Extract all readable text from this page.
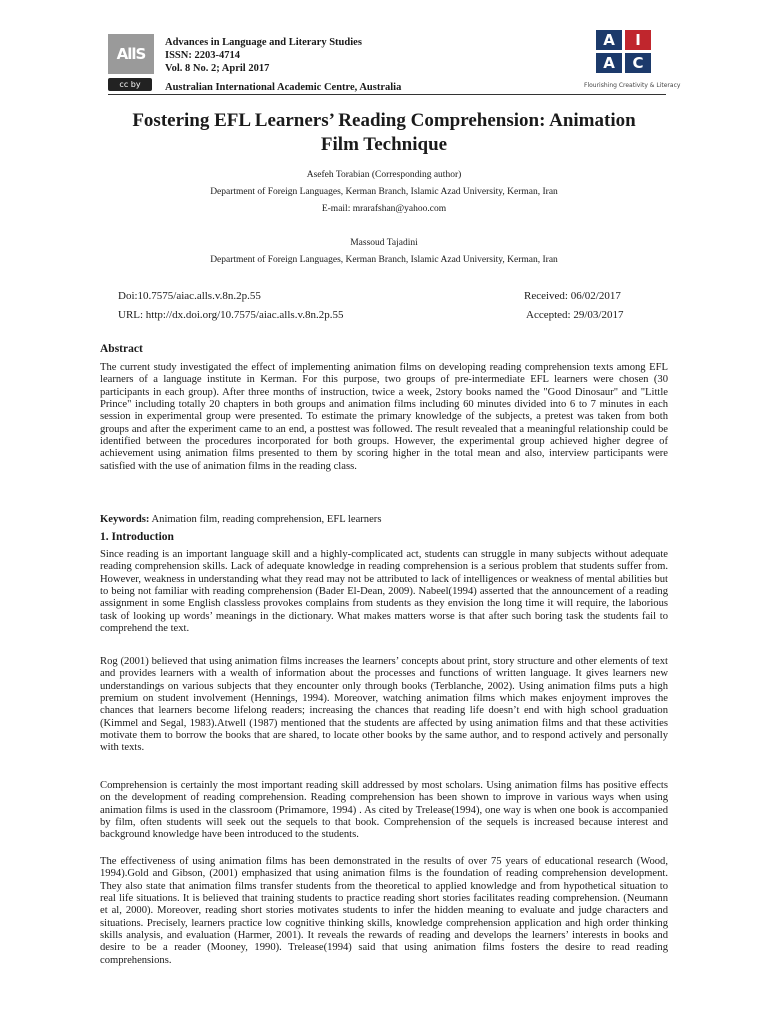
AllS
cc by
Advances in Language and Literary Studies
ISSN: 2203-4714
Vol. 8 No. 2; April 2017
Australian International Academic Centre, Australia
A	I
A	C
Flourishing Creativity & Literacy
Fostering EFL Learners’ Reading Comprehension: Animation
Film Technique
Asefeh Torabian (Corresponding author)
Department of Foreign Languages, Kerman Branch, Islamic Azad University, Kerman, Iran
E-mail: mrarafshan@yahoo.com
Massoud Tajadini
Department of Foreign Languages, Kerman Branch, Islamic Azad University, Kerman, Iran
Doi:10.7575/aiac.alls.v.8n.2p.55
URL: http://dx.doi.org/10.7575/aiac.alls.v.8n.2p.55
Received: 06/02/2017
Accepted: 29/03/2017
Abstract

The current study investigated the effect of implementing animation films on developing reading comprehension texts among EFL learners of a language institute in Kerman. For this purpose, two groups of pre-intermediate EFL learners were chosen (30 participants in each group). After three months of instruction, twice a week, 2story books named the "Good Dinosaur" and "Little Prince" including totally 20 chapters in both groups and animation films including 60 minutes divided into 6 to 7 minutes in each session in experimental group were presented. To estimate the primary knowledge of the subjects, a pretest was taken from both groups and after the experiment came to an end, a posttest was followed. The result revealed that a meaningful relationship could be identified between the procedures incorporated for both groups. However, the experimental group achieved higher degree of achievement using animation films presented to them by scoring higher in the total mean and also, interview participants were satisfied with the use of animation films in the reading class.

Keywords: Animation film, reading comprehension, EFL learners
1. Introduction

Since reading is an important language skill and a highly-complicated act, students can struggle in many subjects without adequate reading comprehension skills. Lack of adequate knowledge in reading comprehension is a serious problem that students suffer from. However, weakness in understanding what they read may not be attributed to lack of intelligences or weakness of mental abilities but to being not familiar with reading comprehension (Bader El-Dean, 2009). Nabeel(1994) asserted that the announcement of a reading assignment in some English classless provokes complains from students as they envision the long time it will require, the laborious task of looking up words’ meanings in the dictionary. What makes matters worse is that after such boring task the students fail to comprehend the text.

Rog (2001) believed that using animation films increases the learners’ concepts about print, story structure and other elements of text and provides learners with a wealth of information about the processes and functions of written language. It gives learners new understandings on various subjects that they encounter only through books (Terblanche, 2002). Using animation films puts a high premium on student involvement (Hennings, 1994). Moreover, watching animation films which makes enjoyment improves the chances that learners become lifelong readers; increasing the chances that reading life doesn’t end with high school graduation (Kimmel and Segal, 1983).Atwell (1987) mentioned that the students are affected by using animation films and that these activities motivate them to borrow the books that are shared, to locate other books by the same author, and to respond actively and personally with texts.

Comprehension is certainly the most important reading skill addressed by most scholars. Using animation films has positive effects on the development of reading comprehension. Reading comprehension has been shown to improve in various ways when using animation films is used in the classroom (Primamore, 1994) . As cited by Trelease(1994), one way is when one book is accompanied by film, often students will seek out the sequels to that book. Comprehension of the sequels is increased because interest and background knowledge have been introduced to the students.

The effectiveness of using animation films has been demonstrated in the results of over 75 years of educational research (Wood, 1994).Gold and Gibson, (2001) emphasized that using animation films is the foundation of reading comprehension development. They also state that animation films transfer students from the theoretical to applied knowledge and from hypothetical situation to real life situations. It is believed that training students to practice reading short stories facilitates reading comprehension. (Neumann et al, 2000). Moreover, reading short stories motivates students to infer the hidden meaning to evaluate and judge characters and situations. Precisely, learners practice low cognitive thinking skills, knowledge comprehension application and high order thinking skills analysis, and evaluation (Harmer, 2001). It reveals the rewards of reading and develops the learners’ interests in books and desire to be a reader (Mooney, 1990). Trelease(1994) said that using animation films fosters the desire to read reading comprehensions.
